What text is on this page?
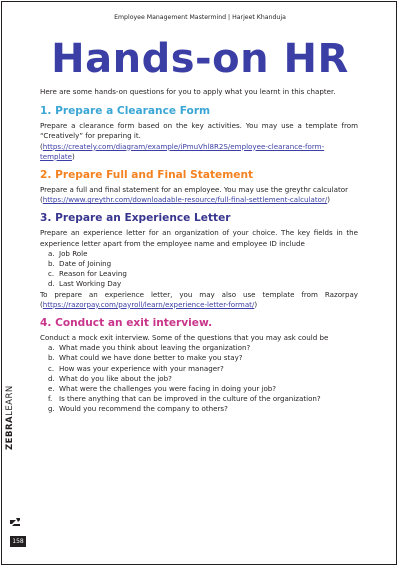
Employee Management Mastermind | Harjeet Khanduja
Hands-on HR

Here are some hands-on questions for you to apply what you learnt in this chapter.

1. Prepare a Clearance Form

Prepare a clearance form based on the key activities. You may use a template from “Creatively” for preparing it.
(https://creately.com/diagram/example/iPmuVhl8R2S/employee-clearance-form-template)

2. Prepare Full and Final Statement

Prepare a full and final statement for an employee. You may use the greythr calculator
(https://www.greythr.com/downloadable-resource/full-final-settlement-calculator/)

3. Prepare an Experience Letter

Prepare an experience letter for an organization of your choice. The key fields in the experience letter apart from the employee name and employee ID include

a. Job Role
b. Date of Joining
c. Reason for Leaving
d. Last Working Day

To prepare an experience letter, you may also use template from Razorpay (https://razorpay.com/payroll/learn/experience-letter-format/)

4. Conduct an exit interview.

Conduct a mock exit interview. Some of the questions that you may ask could be

a. What made you think about leaving the organization?
b. What could we have done better to make you stay?
c. How was your experience with your manager?
d. What do you like about the job?
e. What were the challenges you were facing in doing your job?
f. Is there anything that can be improved in the culture of the organization?
g. Would you recommend the company to others?
ZEBRALEARN
158
